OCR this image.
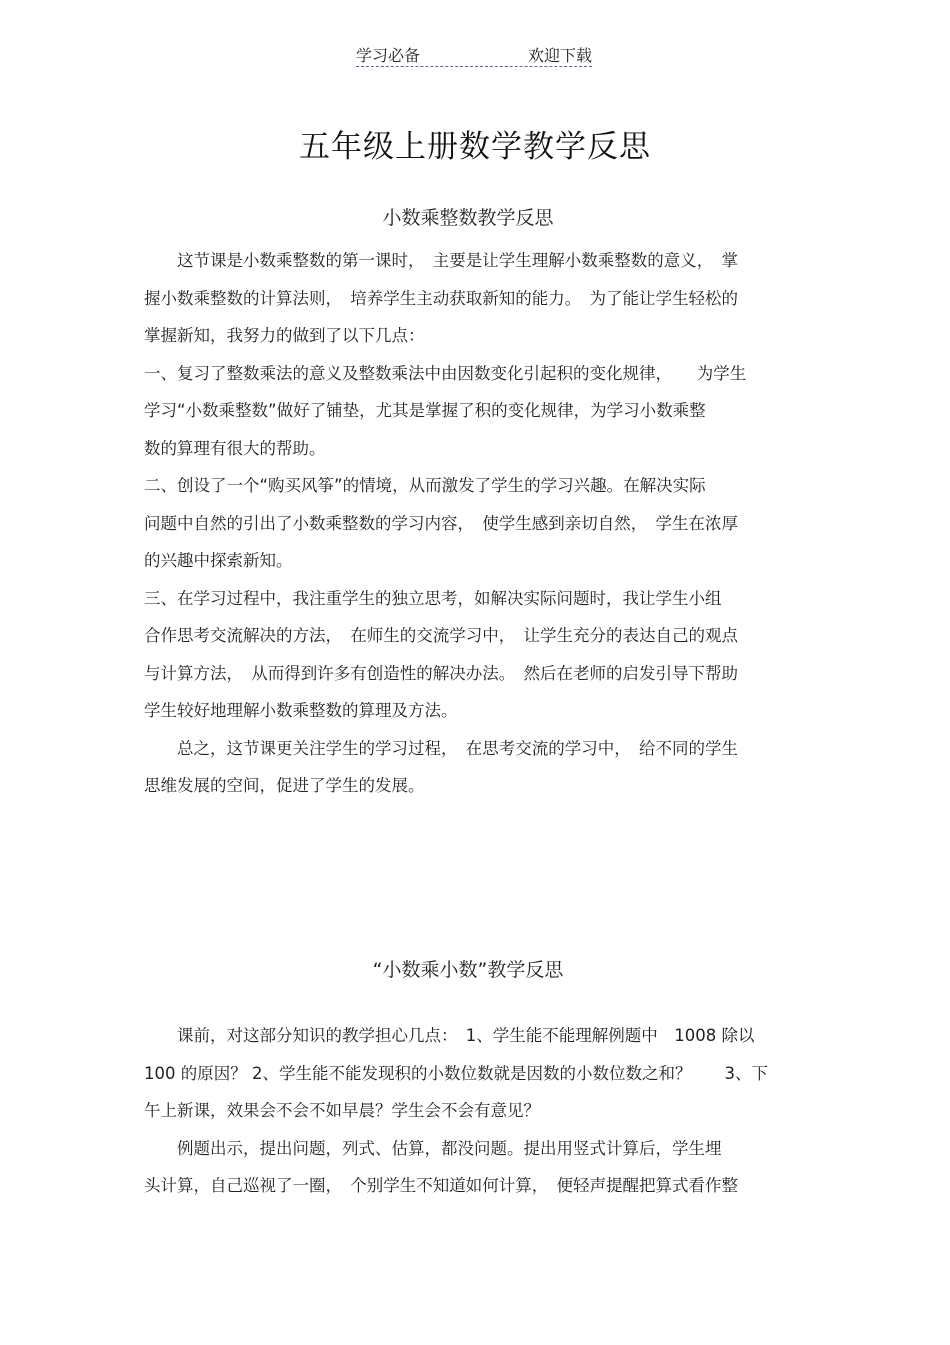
学习必备	欢迎下载
五年级上册数学教学反思
小数乘整数教学反思
　　这节课是小数乘整数的第一课时，　主要是让学生理解小数乘整数的意义，　掌
握小数乘整数的计算法则，　培养学生主动获取新知的能力。　为了能让学生轻松的
掌握新知，我努力的做到了以下几点：
一、复习了整数乘法的意义及整数乘法中由因数变化引起积的变化规律，　　为学生
学习“小数乘整数”做好了铺垫，尤其是掌握了积的变化规律，为学习小数乘整
数的算理有很大的帮助。
二、创设了一个“购买风筝”的情境，从而激发了学生的学习兴趣。在解决实际
问题中自然的引出了小数乘整数的学习内容，　使学生感到亲切自然，　学生在浓厚
的兴趣中探索新知。
三、在学习过程中，我注重学生的独立思考，如解决实际问题时，我让学生小组
合作思考交流解决的方法，　在师生的交流学习中，　让学生充分的表达自己的观点
与计算方法，　从而得到许多有创造性的解决办法。　然后在老师的启发引导下帮助
学生较好地理解小数乘整数的算理及方法。
　　总之，这节课更关注学生的学习过程，　在思考交流的学习中，　给不同的学生
思维发展的空间，促进了学生的发展。
“小数乘小数”教学反思
　　课前，对这部分知识的教学担心几点：　1、学生能不能理解例题中　1008 除以
100 的原因？ 2、学生能不能发现积的小数位数就是因数的小数位数之和？　　3、下
午上新课，效果会不会不如早晨？学生会不会有意见？
　　例题出示，提出问题，列式、估算，都没问题。提出用竖式计算后，学生埋
头计算，自己巡视了一圈，　个别学生不知道如何计算，　便轻声提醒把算式看作整
